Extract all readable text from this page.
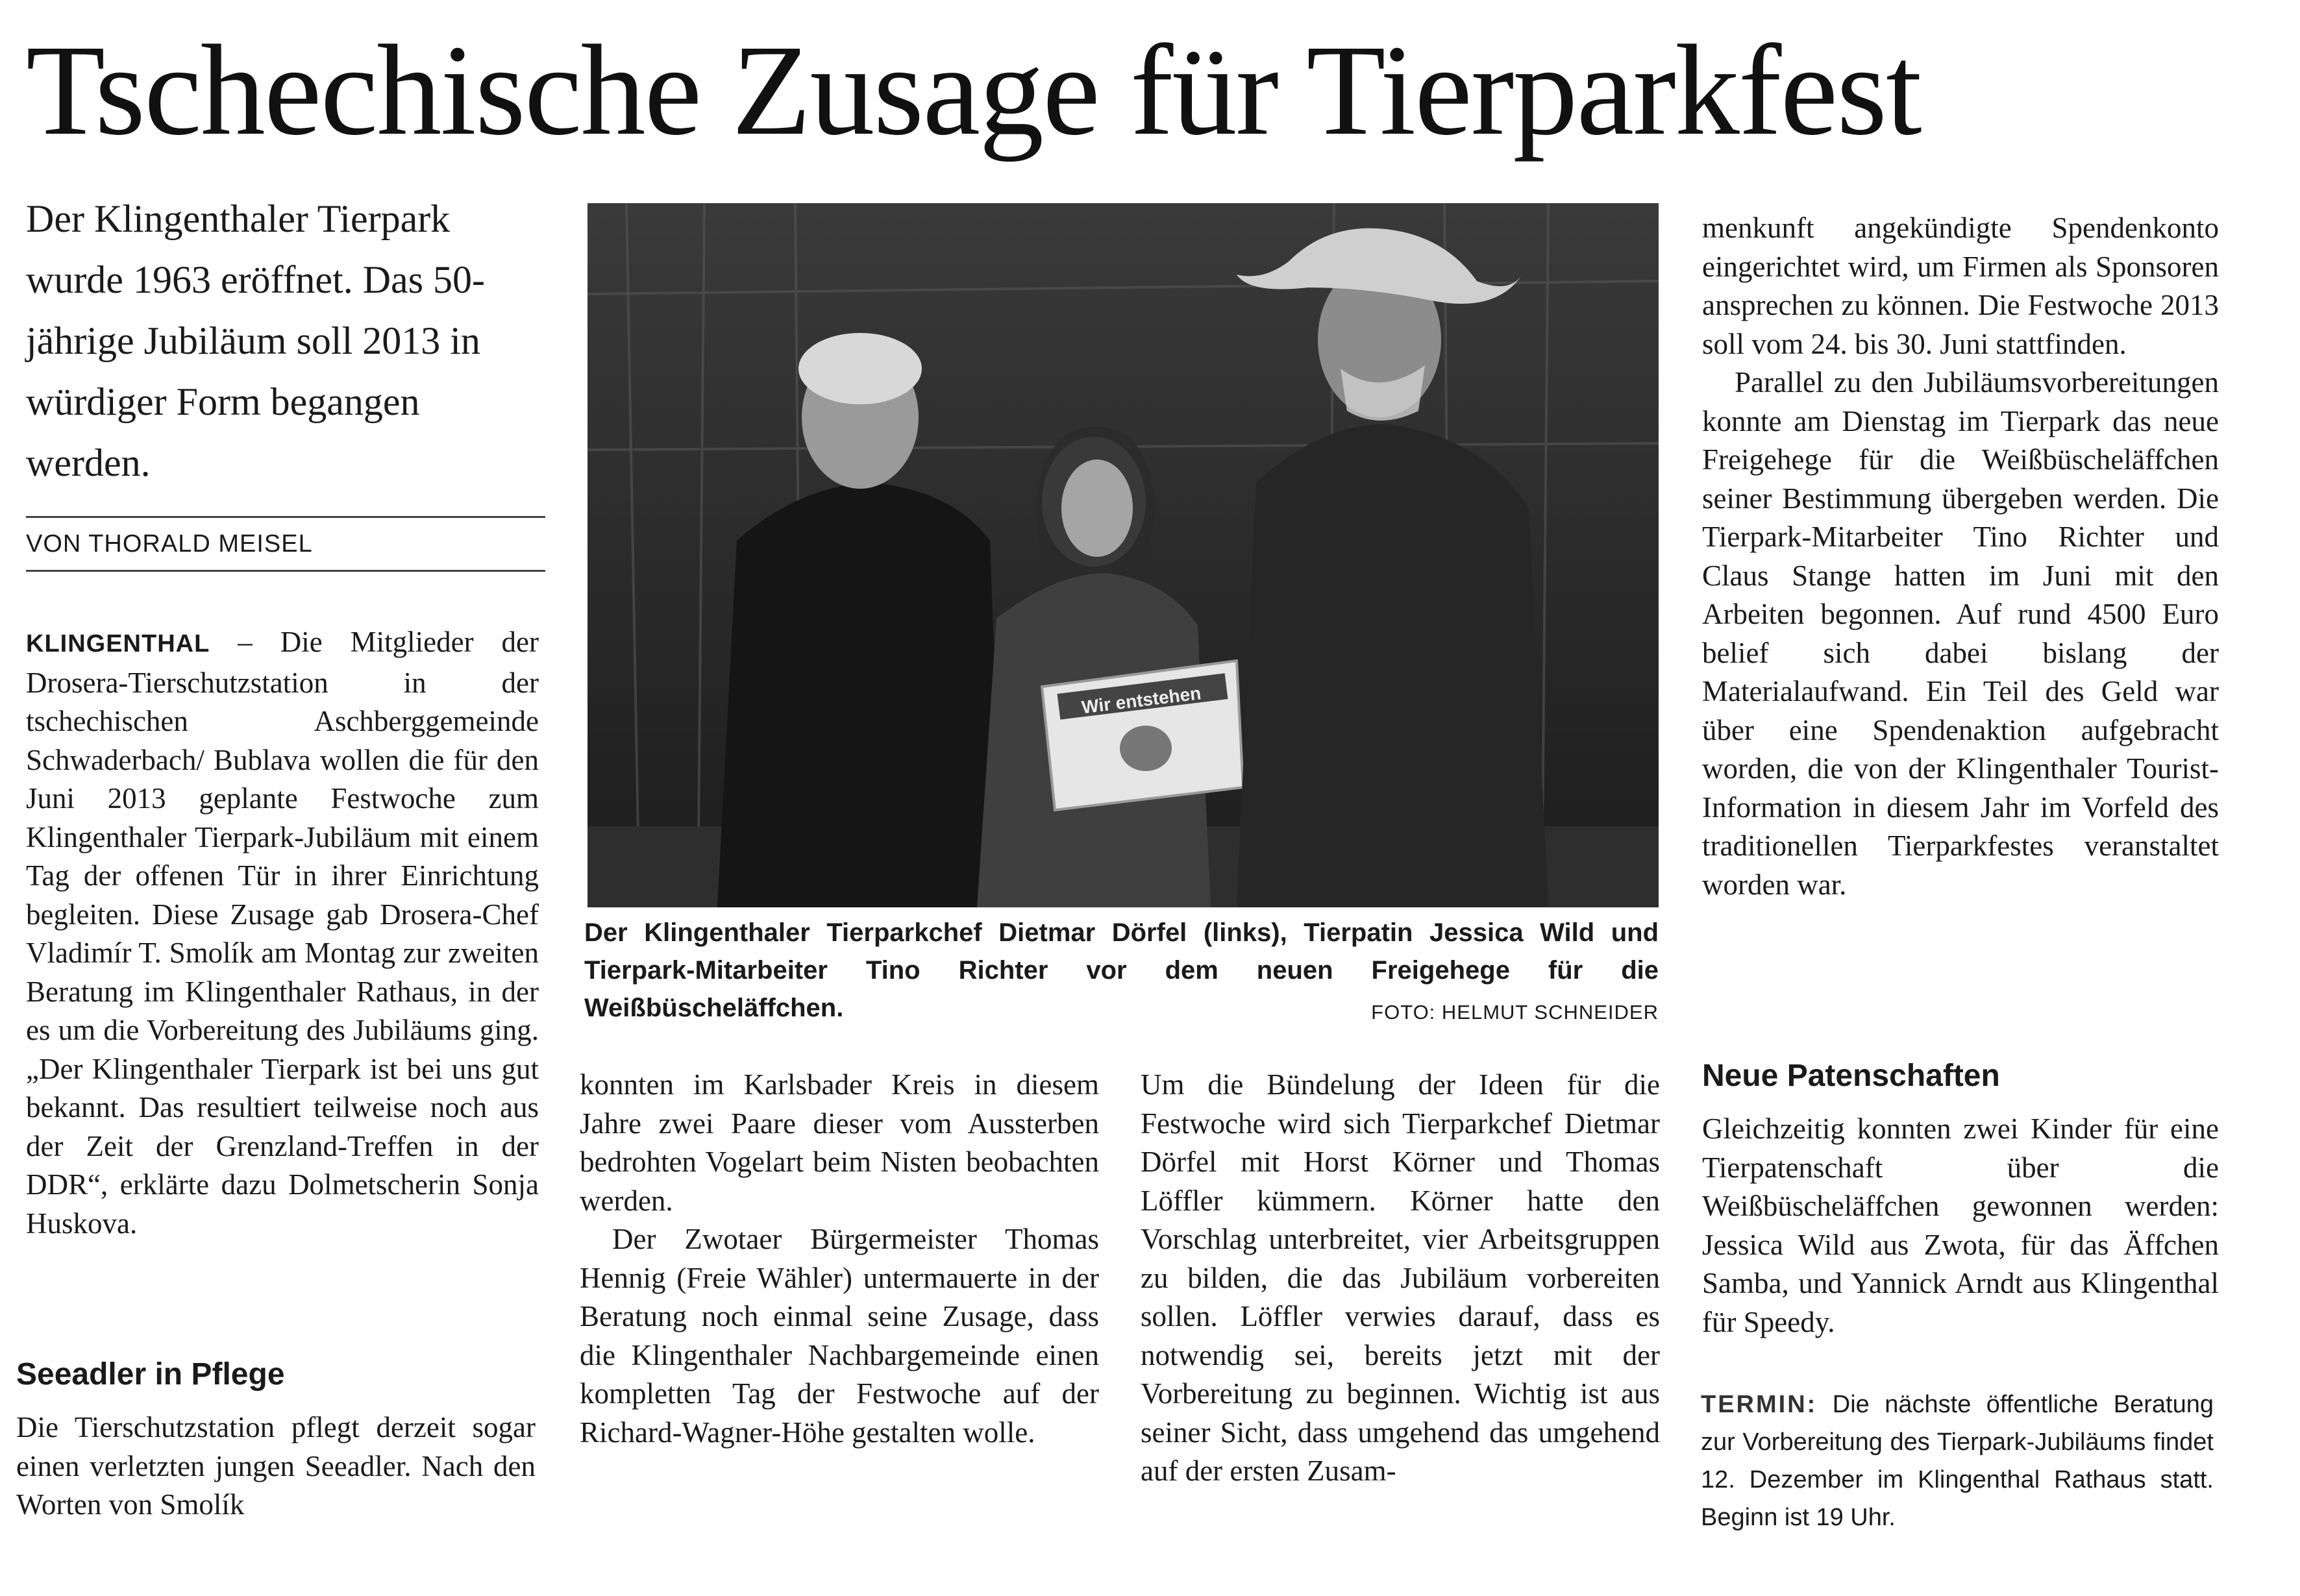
Tschechische Zusage für Tierparkfest
Der Klingenthaler Tierpark wurde 1963 eröffnet. Das 50-jährige Jubiläum soll 2013 in würdiger Form begangen werden.
VON THORALD MEISEL

KLINGENTHAL – Die Mitglieder der Drosera-Tierschutzstation in der tschechischen Aschberggemeinde Schwaderbach/ Bublava wollen die für den Juni 2013 geplante Festwoche zum Klingenthaler Tierpark-Jubiläum mit einem Tag der offenen Tür in ihrer Einrichtung begleiten. Diese Zusage gab Drosera-Chef Vladimír T. Smolík am Montag zur zweiten Beratung im Klingenthaler Rathaus, in der es um die Vorbereitung des Jubiläums ging. „Der Klingenthaler Tierpark ist bei uns gut bekannt. Das resultiert teilweise noch aus der Zeit der Grenzland-Treffen in der DDR“, erklärte dazu Dolmetscherin Sonja Huskova.

Seeadler in Pflege

Die Tierschutzstation pflegt derzeit sogar einen verletzten jungen Seeadler. Nach den Worten von Smolík

Wir entstehen
Der Klingenthaler Tierparkchef Dietmar Dörfel (links), Tierpatin Jessica Wild und Tierpark-Mitarbeiter Tino Richter vor dem neuen Freigehege für die Weißbüscheläffchen.	FOTO: HELMUT SCHNEIDER

konnten im Karlsbader Kreis in diesem Jahre zwei Paare dieser vom Aussterben bedrohten Vogelart beim Nisten beobachten werden.

Der Zwotaer Bürgermeister Thomas Hennig (Freie Wähler) untermauerte in der Beratung noch einmal seine Zusage, dass die Klingenthaler Nachbargemeinde einen kompletten Tag der Festwoche auf der Richard-Wagner-Höhe gestalten wolle.

Um die Bündelung der Ideen für die Festwoche wird sich Tierparkchef Dietmar Dörfel mit Horst Körner und Thomas Löffler kümmern. Körner hatte den Vorschlag unterbreitet, vier Arbeitsgruppen zu bilden, die das Jubiläum vorbereiten sollen. Löffler verwies darauf, dass es notwendig sei, bereits jetzt mit der Vorbereitung zu beginnen. Wichtig ist aus seiner Sicht, dass umgehend das umgehend auf der ersten Zusam-

menkunft angekündigte Spendenkonto eingerichtet wird, um Firmen als Sponsoren ansprechen zu können. Die Festwoche 2013 soll vom 24. bis 30. Juni stattfinden.

Parallel zu den Jubiläumsvorbereitungen konnte am Dienstag im Tierpark das neue Freigehege für die Weißbüscheläffchen seiner Bestimmung übergeben werden. Die Tierpark-Mitarbeiter Tino Richter und Claus Stange hatten im Juni mit den Arbeiten begonnen. Auf rund 4500 Euro belief sich dabei bislang der Materialaufwand. Ein Teil des Geld war über eine Spendenaktion aufgebracht worden, die von der Klingenthaler Tourist-Information in diesem Jahr im Vorfeld des traditionellen Tierparkfestes veranstaltet worden war.

Neue Patenschaften

Gleichzeitig konnten zwei Kinder für eine Tierpatenschaft über die Weißbüscheläffchen gewonnen werden: Jessica Wild aus Zwota, für das Äffchen Samba, und Yannick Arndt aus Klingenthal für Speedy.

TERMIN: Die nächste öffentliche Beratung zur Vorbereitung des Tierpark-Jubiläums findet 12. Dezember im Klingenthal Rathaus statt. Beginn ist 19 Uhr.
